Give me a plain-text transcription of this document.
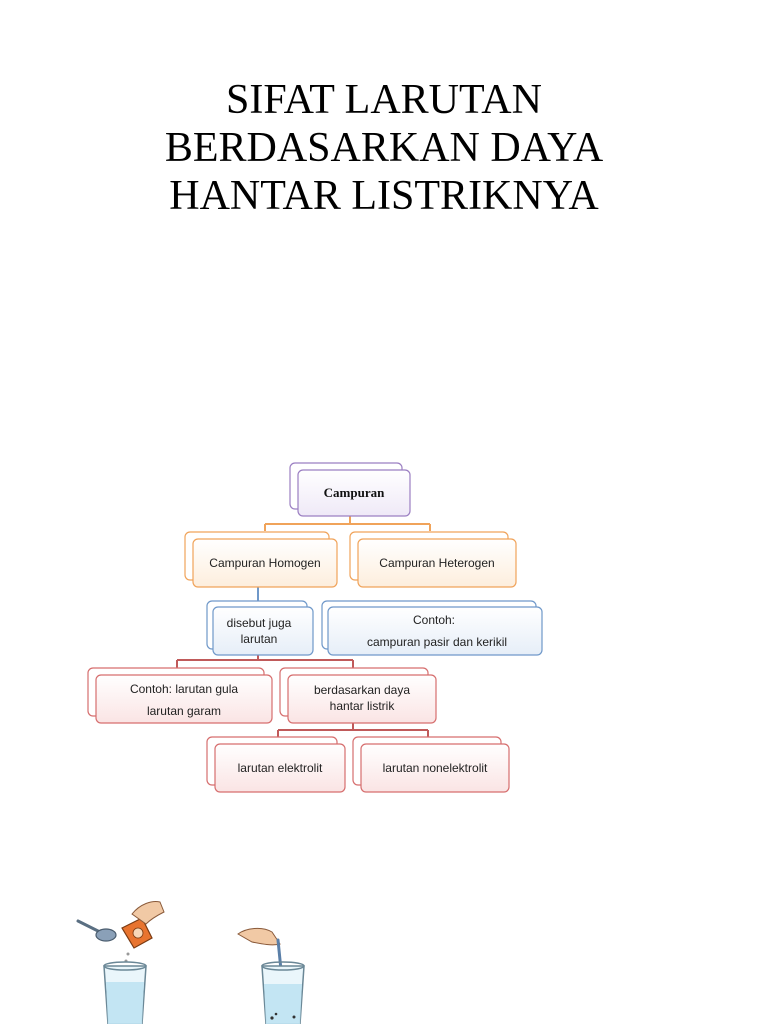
SIFAT LARUTAN
BERDASARKAN DAYA
HANTAR LISTRIKNYA
Campuran
Campuran Homogen	Campuran Heterogen
disebut juga
larutan
Contoh:
campuran pasir dan kerikil
Contoh: larutan gula
larutan garam
berdasarkan daya
hantar listrik
larutan elektrolit	larutan nonelektrolit
